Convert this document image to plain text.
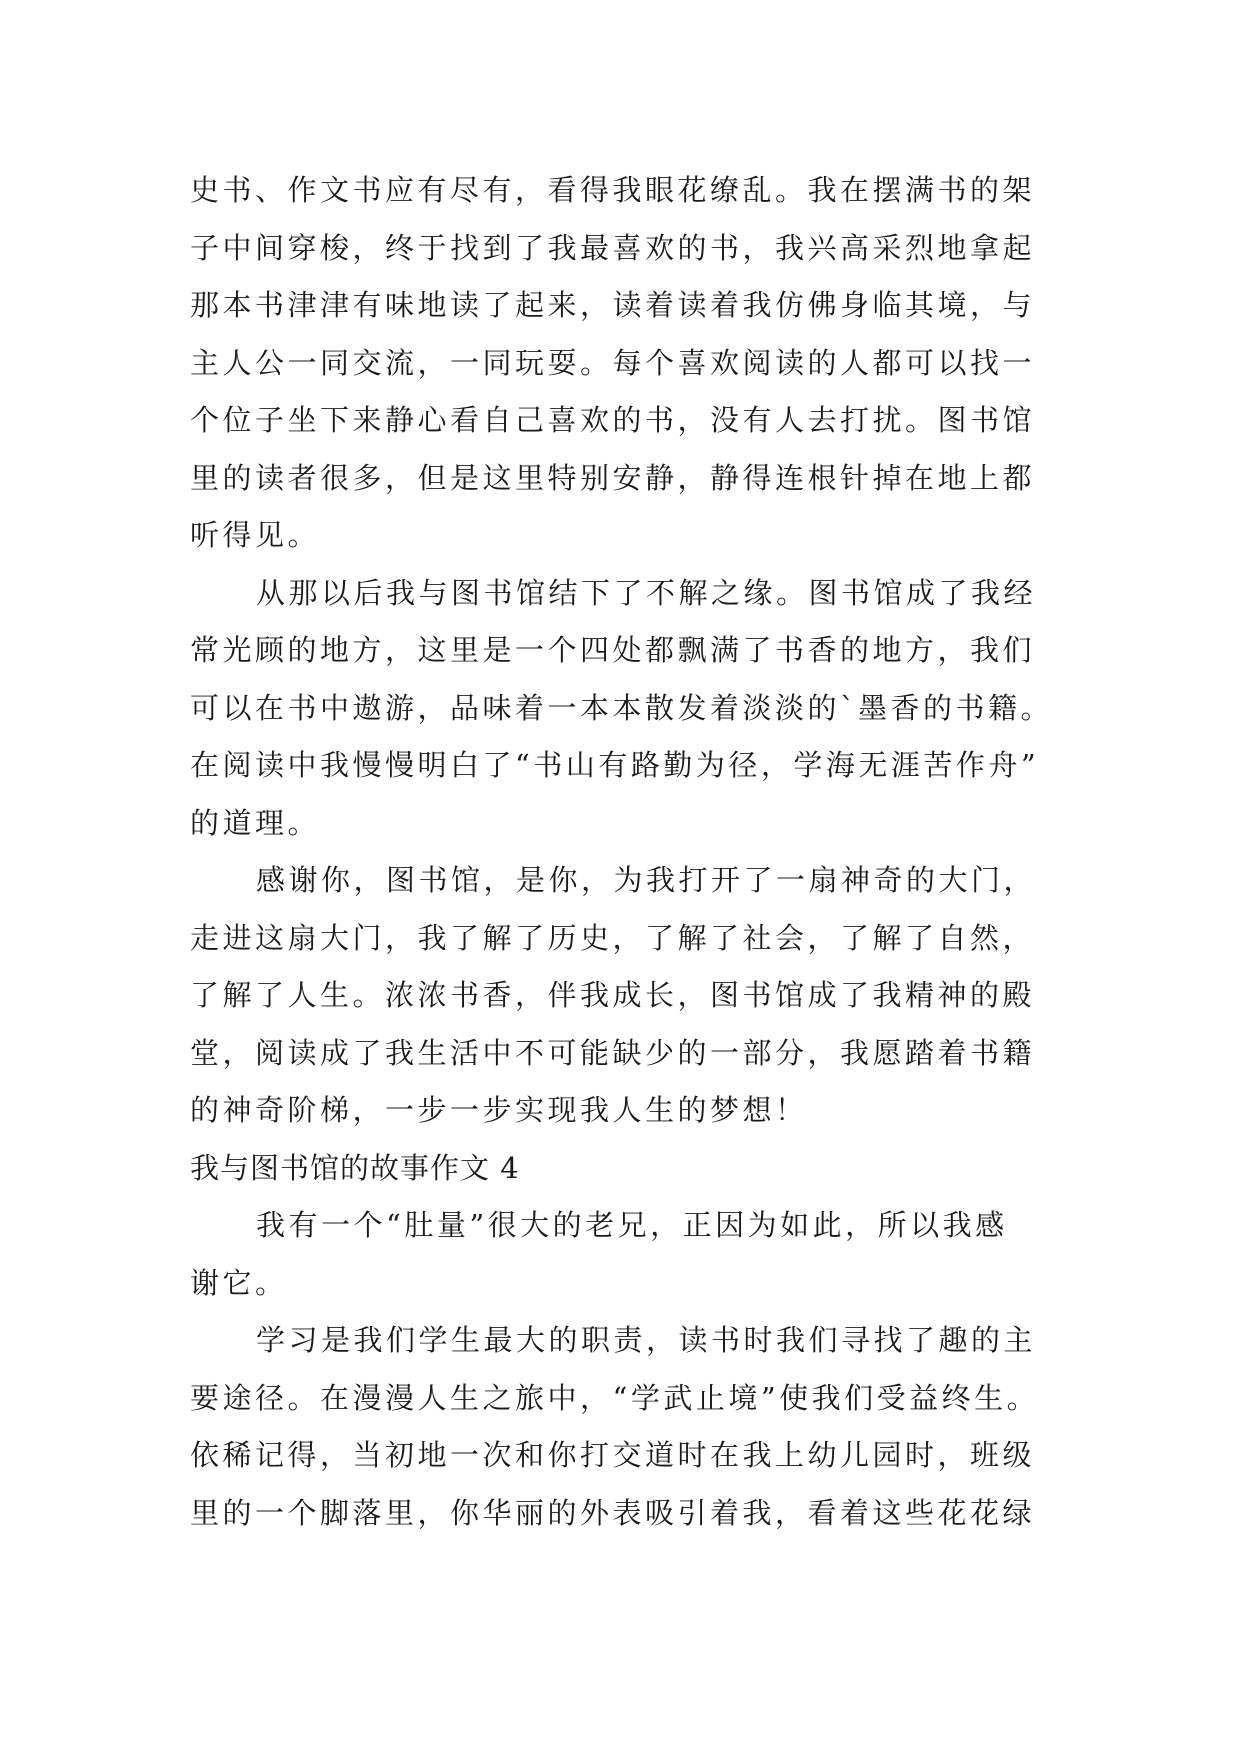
史书、作文书应有尽有，看得我眼花缭乱。我在摆满书的架
子中间穿梭，终于找到了我最喜欢的书，我兴高采烈地拿起
那本书津津有味地读了起来，读着读着我仿佛身临其境，与
主人公一同交流，一同玩耍。每个喜欢阅读的人都可以找一
个位子坐下来静心看自己喜欢的书，没有人去打扰。图书馆
里的读者很多，但是这里特别安静，静得连根针掉在地上都
听得见。
从那以后我与图书馆结下了不解之缘。图书馆成了我经
常光顾的地方，这里是一个四处都飘满了书香的地方，我们
可以在书中遨游，品味着一本本散发着淡淡的`墨香的书籍。
在阅读中我慢慢明白了“书山有路勤为径，学海无涯苦作舟”
的道理。
感谢你，图书馆，是你，为我打开了一扇神奇的大门，
走进这扇大门，我了解了历史，了解了社会，了解了自然，
了解了人生。浓浓书香，伴我成长，图书馆成了我精神的殿
堂，阅读成了我生活中不可能缺少的一部分，我愿踏着书籍
的神奇阶梯，一步一步实现我人生的梦想！
我与图书馆的故事作文 4
我有一个“肚量”很大的老兄，正因为如此，所以我感
谢它。
学习是我们学生最大的职责，读书时我们寻找了趣的主
要途径。在漫漫人生之旅中，“学武止境”使我们受益终生。
依稀记得，当初地一次和你打交道时在我上幼儿园时，班级
里的一个脚落里，你华丽的外表吸引着我，看着这些花花绿
